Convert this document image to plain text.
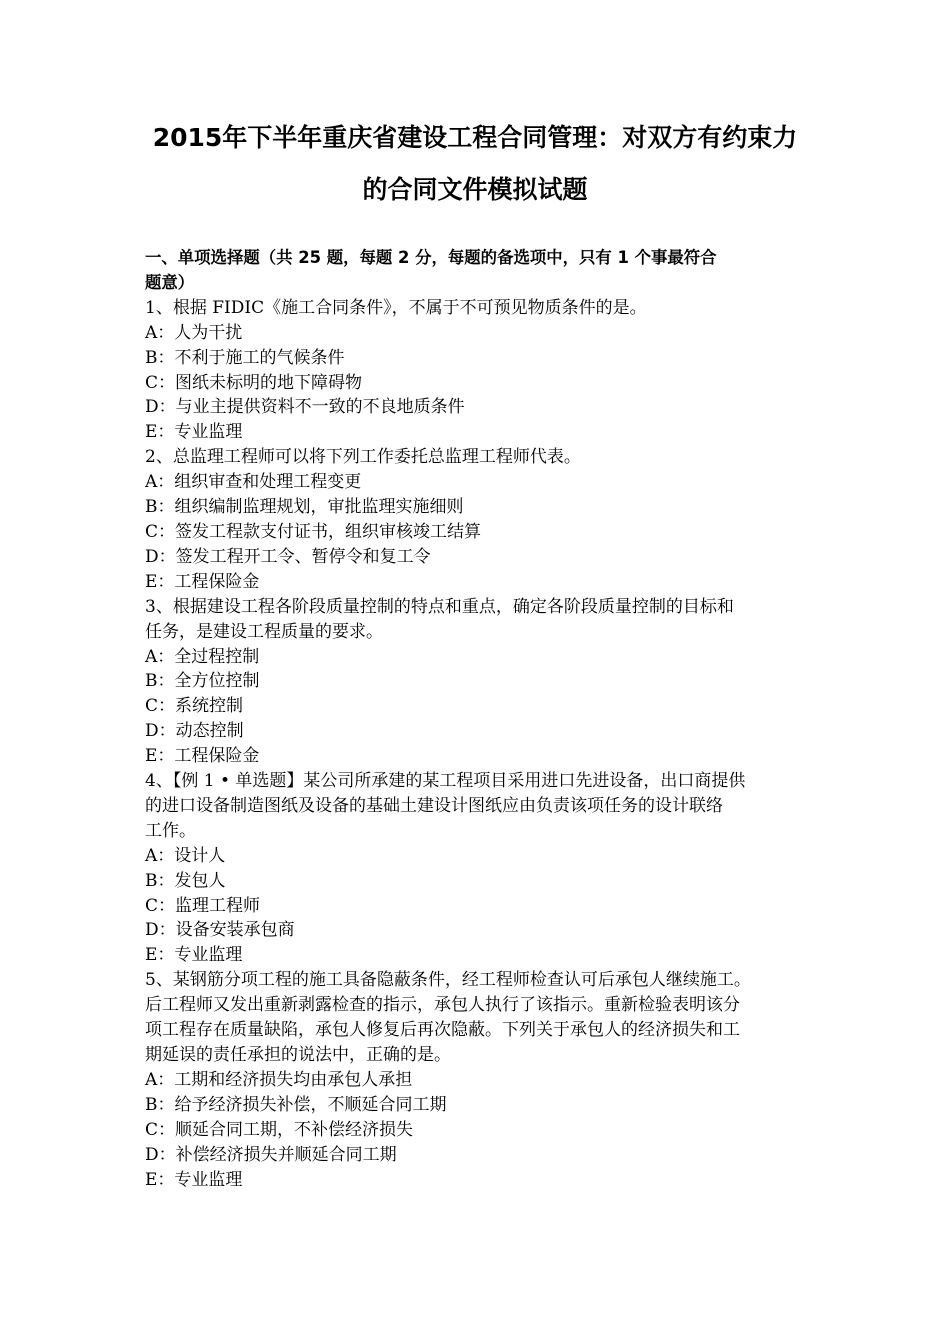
2015年下半年重庆省建设工程合同管理：对双方有约束力
的合同文件模拟试题
一、单项选择题（共 25 题，每题 2 分，每题的备选项中，只有 1 个事最符合
题意）
1、根据 FIDIC《施工合同条件》，不属于不可预见物质条件的是。
A：人为干扰
B：不利于施工的气候条件
C：图纸未标明的地下障碍物
D：与业主提供资料不一致的不良地质条件
E：专业监理
2、总监理工程师可以将下列工作委托总监理工程师代表。
A：组织审查和处理工程变更
B：组织编制监理规划，审批监理实施细则
C：签发工程款支付证书，组织审核竣工结算
D：签发工程开工令、暂停令和复工令
E：工程保险金
3、根据建设工程各阶段质量控制的特点和重点，确定各阶段质量控制的目标和
任务，是建设工程质量的要求。
A：全过程控制
B：全方位控制
C：系统控制
D：动态控制
E：工程保险金
4、【例 1 • 单选题】某公司所承建的某工程项目采用进口先进设备，出口商提供
的进口设备制造图纸及设备的基础土建设计图纸应由负责该项任务的设计联络
工作。
A：设计人
B：发包人
C：监理工程师
D：设备安装承包商
E：专业监理
5、某钢筋分项工程的施工具备隐蔽条件，经工程师检查认可后承包人继续施工。
后工程师又发出重新剥露检查的指示，承包人执行了该指示。重新检验表明该分
项工程存在质量缺陷，承包人修复后再次隐蔽。下列关于承包人的经济损失和工
期延误的责任承担的说法中，正确的是。
A：工期和经济损失均由承包人承担
B：给予经济损失补偿，不顺延合同工期
C：顺延合同工期，不补偿经济损失
D：补偿经济损失并顺延合同工期
E：专业监理
